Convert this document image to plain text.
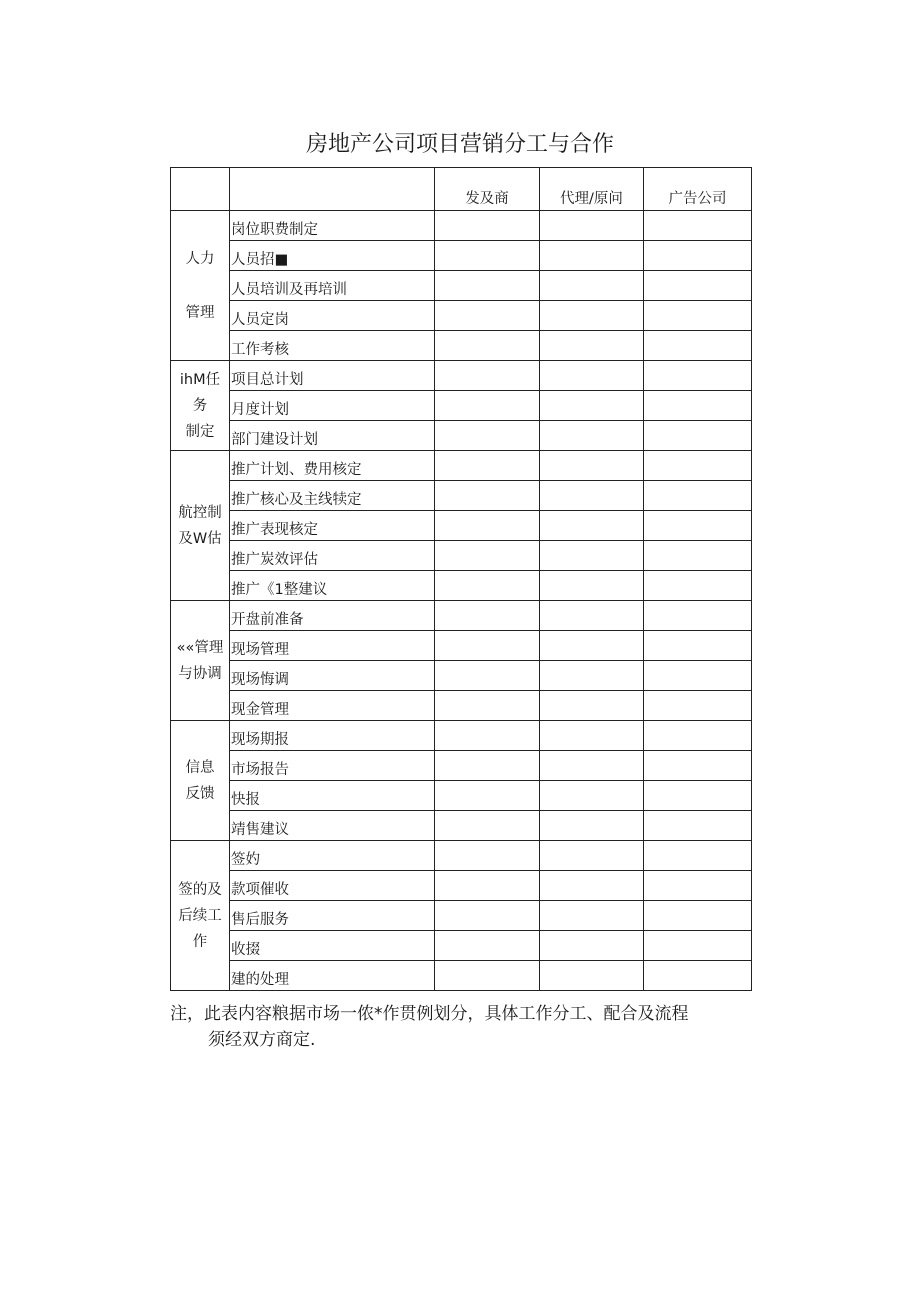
房地产公司项目营销分工与合作
		发及商	代理/原问	广告公司

人力
管理	岗位职费制定			
	人员招■			
	人员培训及再培训			
	人员定岗			
	工作考核			

ihM任
务
制定	项目总计划			
	月度计划			
	部门建设计划			

航控制
及W估	推广计划、费用核定			
	推广核心及主线犊定			
	推广表现核定			
	推广炭效评估			
	推广《1整建议			

««管理
与协调	开盘前准备			
	现场管理			
	现场悔调			
	现金管理			

信息
反馈	现场期报			
	市场报告			
	快报			
	靖售建议			

签的及
后续工
作	签妁			
	款项催收			
	售后服务			
	收掇			
	建的处理			
注，此表内容粮据市场一侬*作贯例划分，具体工作分工、配合及流程
须经双方商定.
